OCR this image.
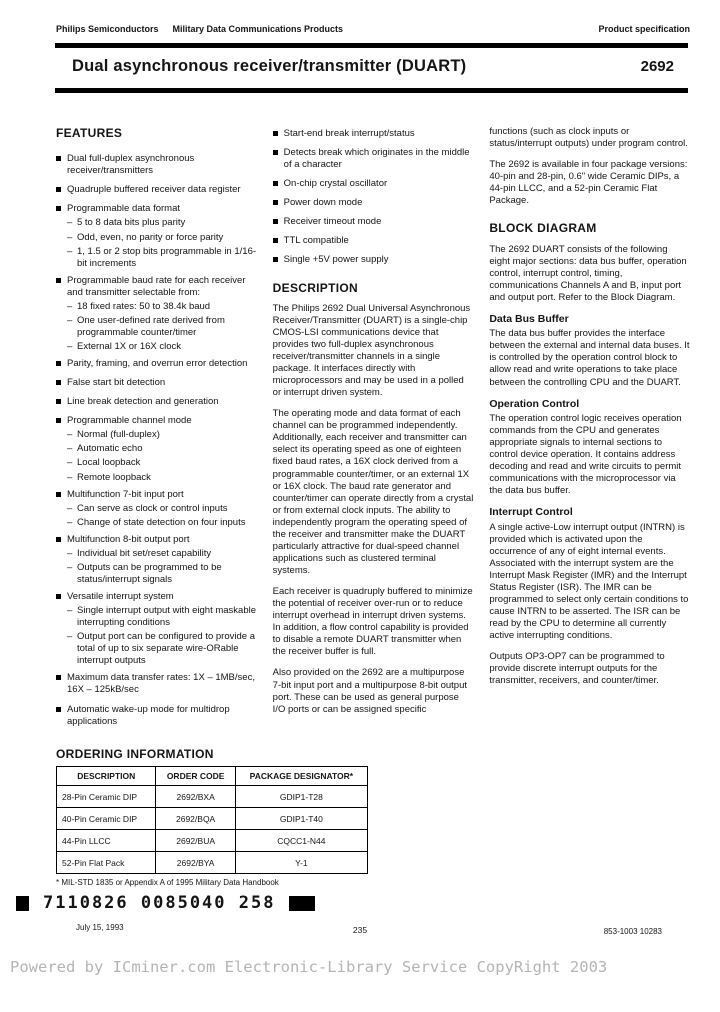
Philips Semiconductors Military Data Communications Products	Product specification
Dual asynchronous receiver/transmitter (DUART)	2692
FEATURES
Dual full-duplex asynchronous receiver/transmitters
Quadruple buffered receiver data register
Programmable data format
– 5 to 8 data bits plus parity
– Odd, even, no parity or force parity
– 1, 1.5 or 2 stop bits programmable in 1/16-bit increments
Programmable baud rate for each receiver and transmitter selectable from:
– 18 fixed rates: 50 to 38.4k baud
– One user-defined rate derived from programmable counter/timer
– External 1X or 16X clock
Parity, framing, and overrun error detection
False start bit detection
Line break detection and generation
Programmable channel mode
– Normal (full-duplex)
– Automatic echo
– Local loopback
– Remote loopback
Multifunction 7-bit input port
– Can serve as clock or control inputs
– Change of state detection on four inputs
Multifunction 8-bit output port
– Individual bit set/reset capability
– Outputs can be programmed to be status/interrupt signals
Versatile interrupt system
– Single interrupt output with eight maskable interrupting conditions
– Output port can be configured to provide a total of up to six separate wire-ORable interrupt outputs
Maximum data transfer rates: 1X – 1MB/sec, 16X – 125kB/sec
Automatic wake-up mode for multidrop applications
Start-end break interrupt/status
Detects break which originates in the middle of a character
On-chip crystal oscillator
Power down mode
Receiver timeout mode
TTL compatible
Single +5V power supply
DESCRIPTION

The Philips 2692 Dual Universal Asynchronous Receiver/Transmitter (DUART) is a single-chip CMOS-LSI communications device that provides two full-duplex asynchronous receiver/transmitter channels in a single package. It interfaces directly with microprocessors and may be used in a polled or interrupt driven system.

The operating mode and data format of each channel can be programmed independently. Additionally, each receiver and transmitter can select its operating speed as one of eighteen fixed baud rates, a 16X clock derived from a programmable counter/timer, or an external 1X or 16X clock. The baud rate generator and counter/timer can operate directly from a crystal or from external clock inputs. The ability to independently program the operating speed of the receiver and transmitter make the DUART particularly attractive for dual-speed channel applications such as clustered terminal systems.

Each receiver is quadruply buffered to minimize the potential of receiver over-run or to reduce interrupt overhead in interrupt driven systems. In addition, a flow control capability is provided to disable a remote DUART transmitter when the receiver buffer is full.

Also provided on the 2692 are a multipurpose 7-bit input port and a multipurpose 8-bit output port. These can be used as general purpose I/O ports or can be assigned specific

functions (such as clock inputs or status/interrupt outputs) under program control.

The 2692 is available in four package versions: 40-pin and 28-pin, 0.6" wide Ceramic DIPs, a 44-pin LLCC, and a 52-pin Ceramic Flat Package.

BLOCK DIAGRAM

The 2692 DUART consists of the following eight major sections: data bus buffer, operation control, interrupt control, timing, communications Channels A and B, input port and output port. Refer to the Block Diagram.

Data Bus Buffer

The data bus buffer provides the interface between the external and internal data buses. It is controlled by the operation control block to allow read and write operations to take place between the controlling CPU and the DUART.

Operation Control

The operation control logic receives operation commands from the CPU and generates appropriate signals to internal sections to control device operation. It contains address decoding and read and write circuits to permit communications with the microprocessor via the data bus buffer.

Interrupt Control

A single active-Low interrupt output (INTRN) is provided which is activated upon the occurrence of any of eight internal events. Associated with the interrupt system are the Interrupt Mask Register (IMR) and the Interrupt Status Register (ISR). The IMR can be programmed to select only certain conditions to cause INTRN to be asserted. The ISR can be read by the CPU to determine all currently active interrupting conditions.

Outputs OP3-OP7 can be programmed to provide discrete interrupt outputs for the transmitter, receivers, and counter/timer.

ORDERING INFORMATION
DESCRIPTION	ORDER CODE	PACKAGE DESIGNATOR*
28-Pin Ceramic DIP	2692/BXA	GDIP1-T28
40-Pin Ceramic DIP	2692/BQA	GDIP1-T40
44-Pin LLCC	2692/BUA	CQCC1-N44
52-Pin Flat Pack	2692/BYA	Y-1
* MIL-STD 1835 or Appendix A of 1995 Military Data Handbook
7110826 0085040 258
July 15, 1993	235	853-1003 10283
Powered by ICminer.com Electronic-Library Service CopyRight 2003
